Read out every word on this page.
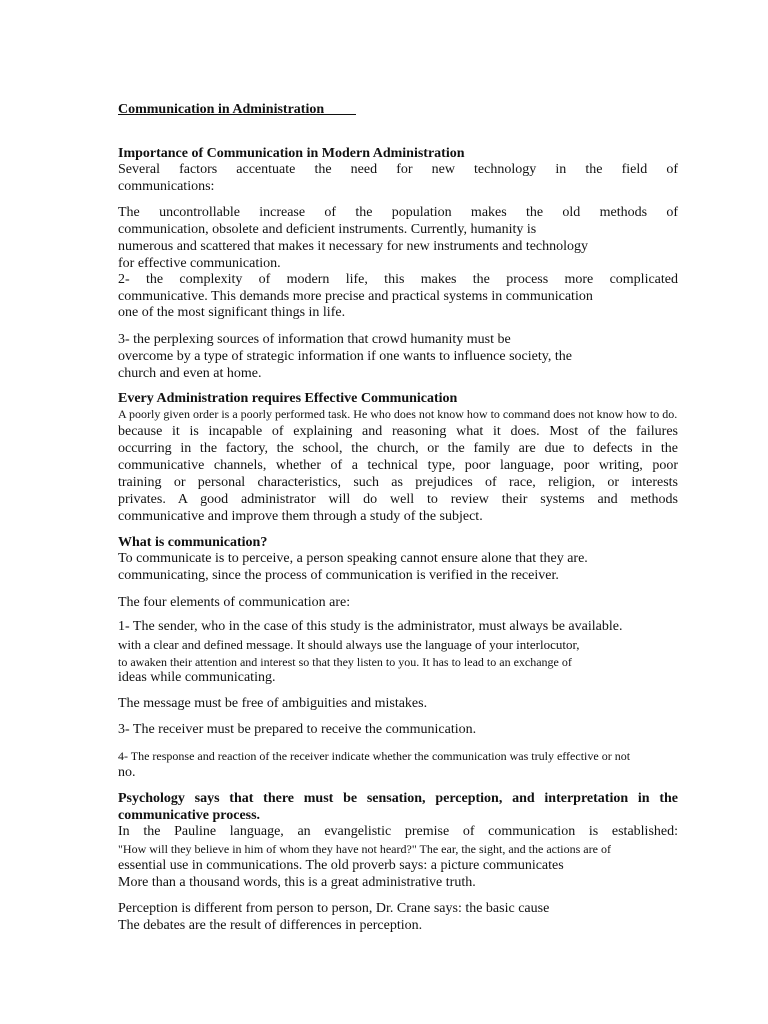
Communication in Administration
Importance of Communication in Modern Administration
Several factors accentuate the need for new technology in the field of
communications:
The uncontrollable increase of the population makes the old methods of
communication, obsolete and deficient instruments. Currently, humanity is
numerous and scattered that makes it necessary for new instruments and technology
for effective communication.
2- the complexity of modern life, this makes the process more complicated
communicative. This demands more precise and practical systems in communication
one of the most significant things in life.
3- the perplexing sources of information that crowd humanity must be
overcome by a type of strategic information if one wants to influence society, the
church and even at home.
Every Administration requires Effective Communication
A poorly given order is a poorly performed task. He who does not know how to command does not know how to do.
because it is incapable of explaining and reasoning what it does. Most of the failures
occurring in the factory, the school, the church, or the family are due to defects in the
communicative channels, whether of a technical type, poor language, poor writing, poor
training or personal characteristics, such as prejudices of race, religion, or interests
privates. A good administrator will do well to review their systems and methods
communicative and improve them through a study of the subject.
What is communication?
To communicate is to perceive, a person speaking cannot ensure alone that they are.
communicating, since the process of communication is verified in the receiver.
The four elements of communication are:
1- The sender, who in the case of this study is the administrator, must always be available.
with a clear and defined message. It should always use the language of your interlocutor,
to awaken their attention and interest so that they listen to you. It has to lead to an exchange of
ideas while communicating.
The message must be free of ambiguities and mistakes.
3- The receiver must be prepared to receive the communication.
4- The response and reaction of the receiver indicate whether the communication was truly effective or not
no.
Psychology says that there must be sensation, perception, and interpretation in the
communicative process.
In the Pauline language, an evangelistic premise of communication is established:
"How will they believe in him of whom they have not heard?" The ear, the sight, and the actions are of
essential use in communications. The old proverb says: a picture communicates
More than a thousand words, this is a great administrative truth.
Perception is different from person to person, Dr. Crane says: the basic cause
The debates are the result of differences in perception.
